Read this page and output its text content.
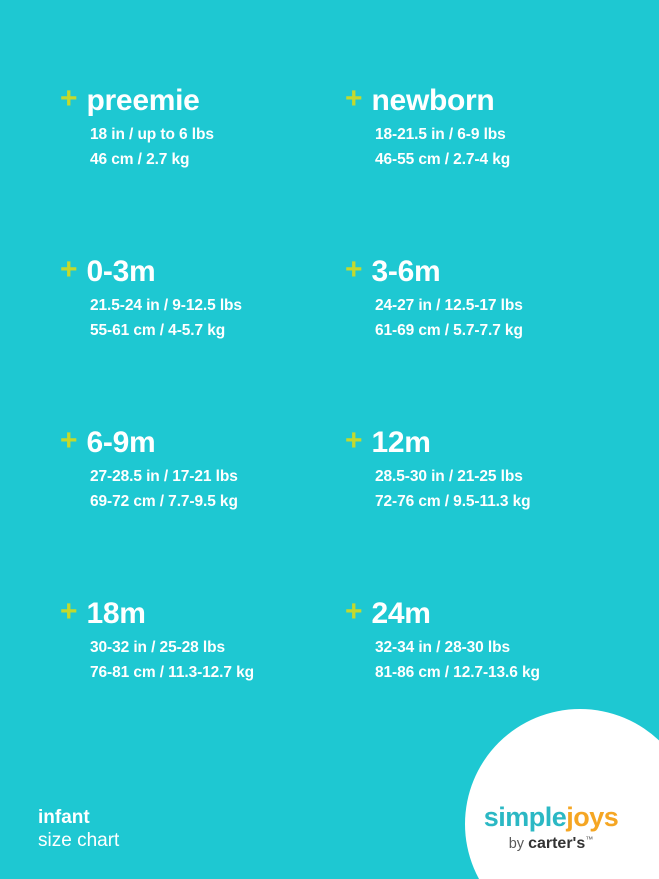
+ preemie
18 in / up to 6 lbs
46 cm / 2.7 kg
+ newborn
18-21.5 in / 6-9 lbs
46-55 cm / 2.7-4 kg
+ 0-3m
21.5-24 in / 9-12.5 lbs
55-61 cm / 4-5.7 kg
+ 3-6m
24-27 in / 12.5-17 lbs
61-69 cm / 5.7-7.7 kg
+ 6-9m
27-28.5 in / 17-21 lbs
69-72 cm / 7.7-9.5 kg
+ 12m
28.5-30 in / 21-25 lbs
72-76 cm / 9.5-11.3 kg
+ 18m
30-32 in / 25-28 lbs
76-81 cm / 11.3-12.7 kg
+ 24m
32-34 in / 28-30 lbs
81-86 cm / 12.7-13.6 kg
infant
size chart
simplejoys
by carter's™
